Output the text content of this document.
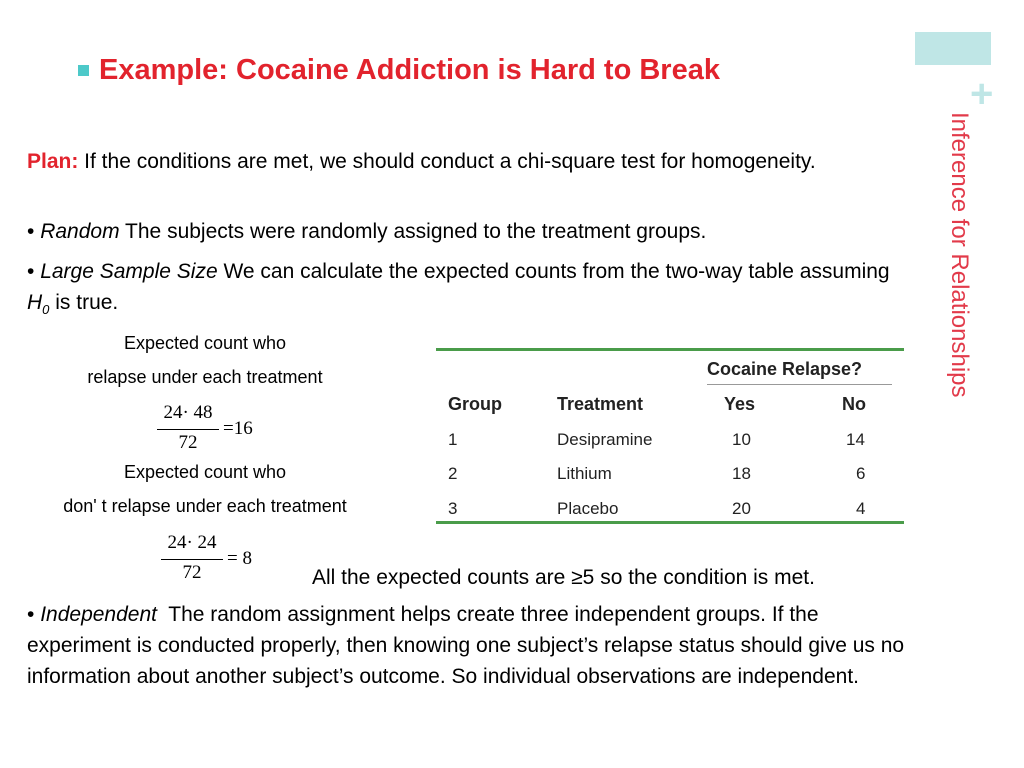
+
Inference for Relationships
Example: Cocaine Addiction is Hard to Break
Plan: If the conditions are met, we should conduct a chi-square test for homogeneity.
• Random The subjects were randomly assigned to the treatment groups.
• Large Sample Size We can calculate the expected counts from the two-way table assuming $H_0$ is true.
Expected count who
relapse under each treatment
24· 48
72
=16
Expected count who
don' t relapse under each treatment
24· 24
72
= 8
Cocaine Relapse?
Group	Treatment	Yes	No
1	Desipramine	10	14
2	Lithium	18	6
3	Placebo	20	4
All the expected counts are ≥5 so the condition is met.
• Independent  The random assignment helps create three independent groups. If the experiment is conducted properly, then knowing one subject’s relapse status should give us no information about another subject’s outcome. So individual observations are independent.
